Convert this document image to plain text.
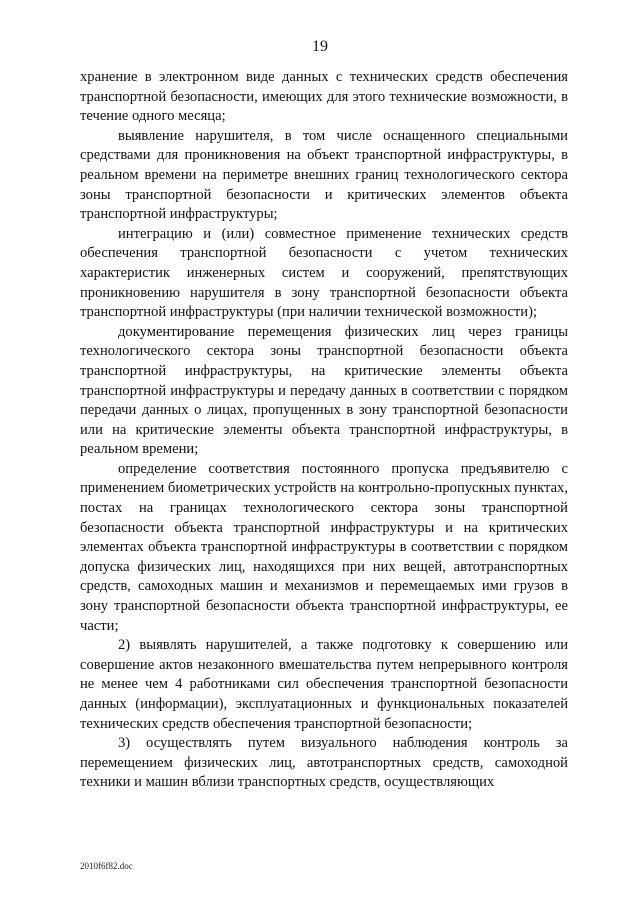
19

хранение в электронном виде данных с технических средств обеспечения транспортной безопасности, имеющих для этого технические возможности, в течение одного месяца;

выявление нарушителя, в том числе оснащенного специальными средствами для проникновения на объект транспортной инфраструктуры, в реальном времени на периметре внешних границ технологического сектора зоны транспортной безопасности и критических элементов объекта транспортной инфраструктуры;

интеграцию и (или) совместное применение технических средств обеспечения транспортной безопасности с учетом технических характеристик инженерных систем и сооружений, препятствующих проникновению нарушителя в зону транспортной безопасности объекта транспортной инфраструктуры (при наличии технической возможности);

документирование перемещения физических лиц через границы технологического сектора зоны транспортной безопасности объекта транспортной инфраструктуры, на критические элементы объекта транспортной инфраструктуры и передачу данных в соответствии с порядком передачи данных о лицах, пропущенных в зону транспортной безопасности или на критические элементы объекта транспортной инфраструктуры, в реальном времени;

определение соответствия постоянного пропуска предъявителю с применением биометрических устройств на контрольно-пропускных пунктах, постах на границах технологического сектора зоны транспортной безопасности объекта транспортной инфраструктуры и на критических элементах объекта транспортной инфраструктуры в соответствии с порядком допуска физических лиц, находящихся при них вещей, автотранспортных средств, самоходных машин и механизмов и перемещаемых ими грузов в зону транспортной безопасности объекта транспортной инфраструктуры, ее части;

2) выявлять нарушителей, а также подготовку к совершению или совершение актов незаконного вмешательства путем непрерывного контроля не менее чем 4 работниками сил обеспечения транспортной безопасности данных (информации), эксплуатационных и функциональных показателей технических средств обеспечения транспортной безопасности;

3) осуществлять путем визуального наблюдения контроль за перемещением физических лиц, автотранспортных средств, самоходной техники и машин вблизи транспортных средств, осуществляющих

2010f6f82.doc
